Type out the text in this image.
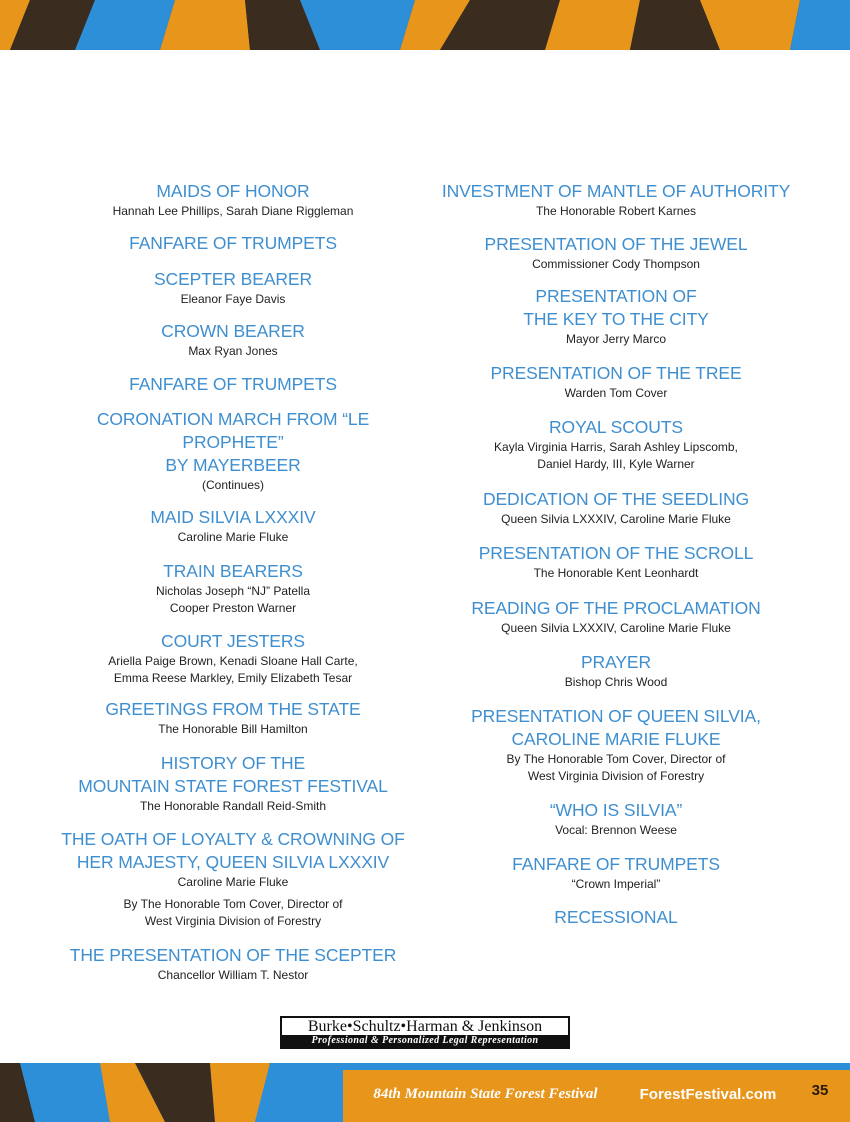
MAIDS OF HONOR
Hannah Lee Phillips, Sarah Diane Riggleman
FANFARE OF TRUMPETS
SCEPTER BEARER
Eleanor Faye Davis
CROWN BEARER
Max Ryan Jones
FANFARE OF TRUMPETS
CORONATION MARCH FROM “LE PROPHETE”
BY MAYERBEER
(Continues)
MAID SILVIA LXXXIV
Caroline Marie Fluke
TRAIN BEARERS
Nicholas Joseph “NJ” Patella
Cooper Preston Warner
COURT JESTERS
Ariella Paige Brown, Kenadi Sloane Hall Carte,
Emma Reese Markley, Emily Elizabeth Tesar
GREETINGS FROM THE STATE
The Honorable Bill Hamilton
HISTORY OF THE
MOUNTAIN STATE FOREST FESTIVAL
The Honorable Randall Reid-Smith
THE OATH OF LOYALTY & CROWNING OF
HER MAJESTY, QUEEN SILVIA LXXXIV
Caroline Marie Fluke
By The Honorable Tom Cover, Director of
West Virginia Division of Forestry
THE PRESENTATION OF THE SCEPTER
Chancellor William T. Nestor
INVESTMENT OF MANTLE OF AUTHORITY
The Honorable Robert Karnes
PRESENTATION OF THE JEWEL
Commissioner Cody Thompson
PRESENTATION OF
THE KEY TO THE CITY
Mayor Jerry Marco
PRESENTATION OF THE TREE
Warden Tom Cover
ROYAL SCOUTS
Kayla Virginia Harris, Sarah Ashley Lipscomb,
Daniel Hardy, III, Kyle Warner
DEDICATION OF THE SEEDLING
Queen Silvia LXXXIV, Caroline Marie Fluke
PRESENTATION OF THE SCROLL
The Honorable Kent Leonhardt
READING OF THE PROCLAMATION
Queen Silvia LXXXIV, Caroline Marie Fluke
PRAYER
Bishop Chris Wood
PRESENTATION OF QUEEN SILVIA,
CAROLINE MARIE FLUKE
By The Honorable Tom Cover, Director of
West Virginia Division of Forestry
“WHO IS SILVIA”
Vocal: Brennon Weese
FANFARE OF TRUMPETS
“Crown Imperial”
RECESSIONAL
Burke•Schultz•Harman & Jenkinson
Professional & Personalized Legal Representation
84th Mountain State Forest Festival	ForestFestival.com	35
